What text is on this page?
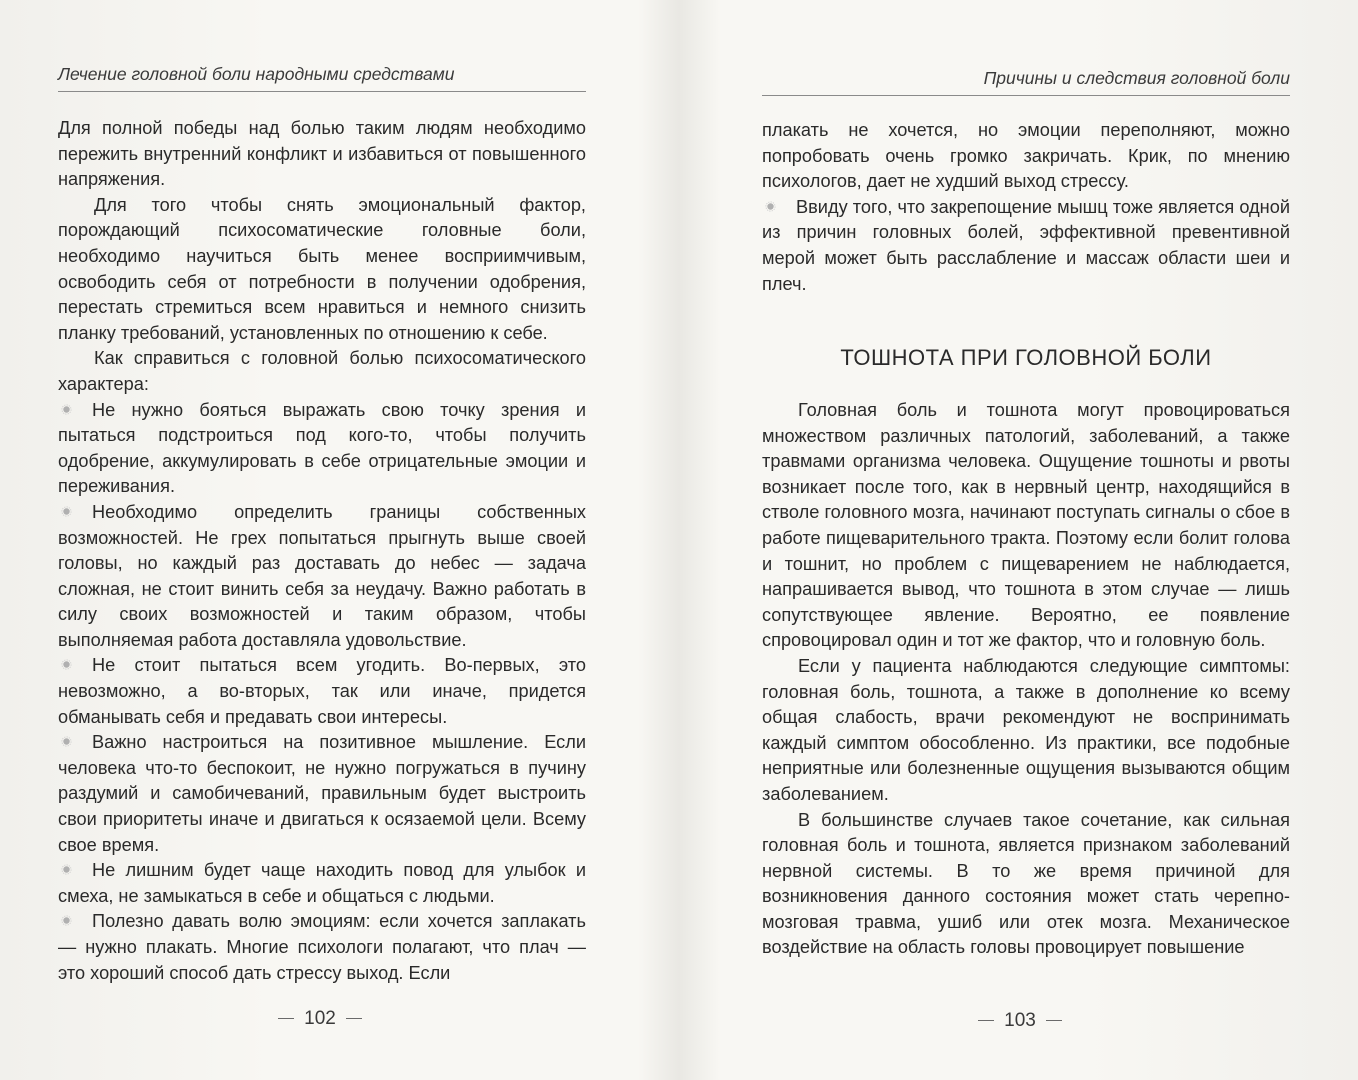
Лечение головной боли народными средствами

Для полной победы над болью таким людям необходимо пережить внутренний конфликт и избавиться от повышенного напряжения.

Для того чтобы снять эмоциональный фактор, порождающий психосоматические головные боли, необходимо научиться быть менее восприимчивым, освободить себя от потребности в получении одобрения, перестать стремиться всем нравиться и немного снизить планку требований, установленных по отношению к себе.

Как справиться с головной болью психосоматического характера:

Не нужно бояться выражать свою точку зрения и пытаться подстроиться под кого-то, чтобы получить одобрение, аккумулировать в себе отрицательные эмоции и переживания.

Необходимо определить границы собственных возможностей. Не грех попытаться прыгнуть выше своей головы, но каждый раз доставать до небес — задача сложная, не стоит винить себя за неудачу. Важно работать в силу своих возможностей и таким образом, чтобы выполняемая работа доставляла удовольствие.

Не стоит пытаться всем угодить. Во-первых, это невозможно, а во-вторых, так или иначе, придется обманывать себя и предавать свои интересы.

Важно настроиться на позитивное мышление. Если человека что-то беспокоит, не нужно погружаться в пучину раздумий и самобичеваний, правильным будет выстроить свои приоритеты иначе и двигаться к осязаемой цели. Всему свое время.

Не лишним будет чаще находить повод для улыбок и смеха, не замыкаться в себе и общаться с людьми.

Полезно давать волю эмоциям: если хочется заплакать — нужно плакать. Многие психологи полагают, что плач — это хороший способ дать стрессу выход. Если

102
Причины и следствия головной боли

плакать не хочется, но эмоции переполняют, можно попробовать очень громко закричать. Крик, по мнению психологов, дает не худший выход стрессу.

Ввиду того, что закрепощение мышц тоже является одной из причин головных болей, эффективной превентивной мерой может быть расслабление и массаж области шеи и плеч.

ТОШНОТА ПРИ ГОЛОВНОЙ БОЛИ

Головная боль и тошнота могут провоцироваться множеством различных патологий, заболеваний, а также травмами организма человека. Ощущение тошноты и рвоты возникает после того, как в нервный центр, находящийся в стволе головного мозга, начинают поступать сигналы о сбое в работе пищеварительного тракта. Поэтому если болит голова и тошнит, но проблем с пищеварением не наблюдается, напрашивается вывод, что тошнота в этом случае — лишь сопутствующее явление. Вероятно, ее появление спровоцировал один и тот же фактор, что и головную боль.

Если у пациента наблюдаются следующие симптомы: головная боль, тошнота, а также в дополнение ко всему общая слабость, врачи рекомендуют не воспринимать каждый симптом обособленно. Из практики, все подобные неприятные или болезненные ощущения вызываются общим заболеванием.

В большинстве случаев такое сочетание, как сильная головная боль и тошнота, является признаком заболеваний нервной системы. В то же время причиной для возникновения данного состояния может стать черепно-мозговая травма, ушиб или отек мозга. Механическое воздействие на область головы провоцирует повышение

103
